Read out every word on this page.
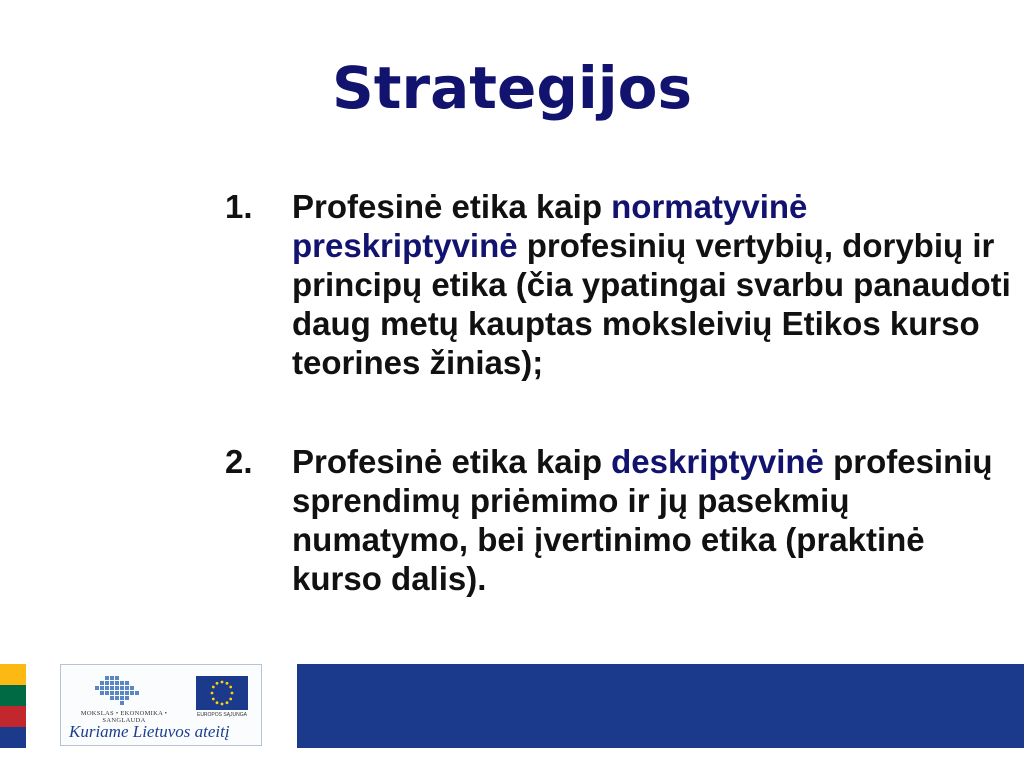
Strategijos
1. Profesinė etika kaip normatyvinė preskriptyvinė profesinių vertybių, dorybių ir principų etika (čia ypatingai svarbu panaudoti daug metų kauptas moksleivių Etikos kurso teorines žinias);
2. Profesinė etika kaip deskriptyvinė profesinių sprendimų priėmimo ir jų pasekmių numatymo, bei įvertinimo etika (praktinė kurso dalis).
MOKSLAS • EKONOMIKA • SANGLAUDA
EUROPOS SĄJUNGA
Kuriame Lietuvos ateitį
